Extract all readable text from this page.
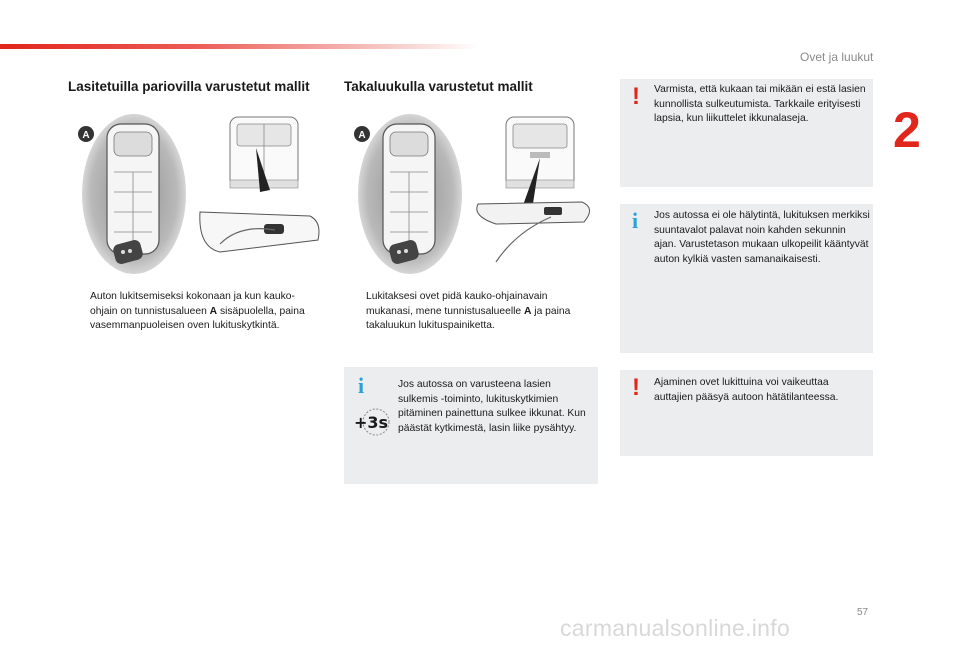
Ovet ja luukut
2
Lasitetuilla pariovilla varustetut mallit
A
Auton lukitsemiseksi kokonaan ja kun kauko-ohjain on tunnistusalueen A sisäpuolella, paina vasemmanpuoleisen oven lukituskytkintä.
Takaluukulla varustetut mallit
A
Lukitaksesi ovet pidä kauko-ohjainavain mukanasi, mene tunnistusalueelle A ja paina takaluukun lukituspainiketta.
i
+3s
Jos autossa on varusteena lasien sulkemis -toiminto, lukituskytkimien pitäminen painettuna sulkee ikkunat. Kun päästät kytkimestä, lasin liike pysähtyy.
! Varmista, että kukaan tai mikään ei estä lasien kunnollista sulkeutumista. Tarkkaile erityisesti lapsia, kun liikuttelet ikkunalaseja.
i Jos autossa ei ole hälytintä, lukituksen merkiksi suuntavalot palavat noin kahden sekunnin ajan. Varustetason mukaan ulkopeilit kääntyvät auton kylkiä vasten samanaikaisesti.
! Ajaminen ovet lukittuina voi vaikeuttaa auttajien pääsyä autoon hätätilanteessa.
57
carmanualsonline.info
